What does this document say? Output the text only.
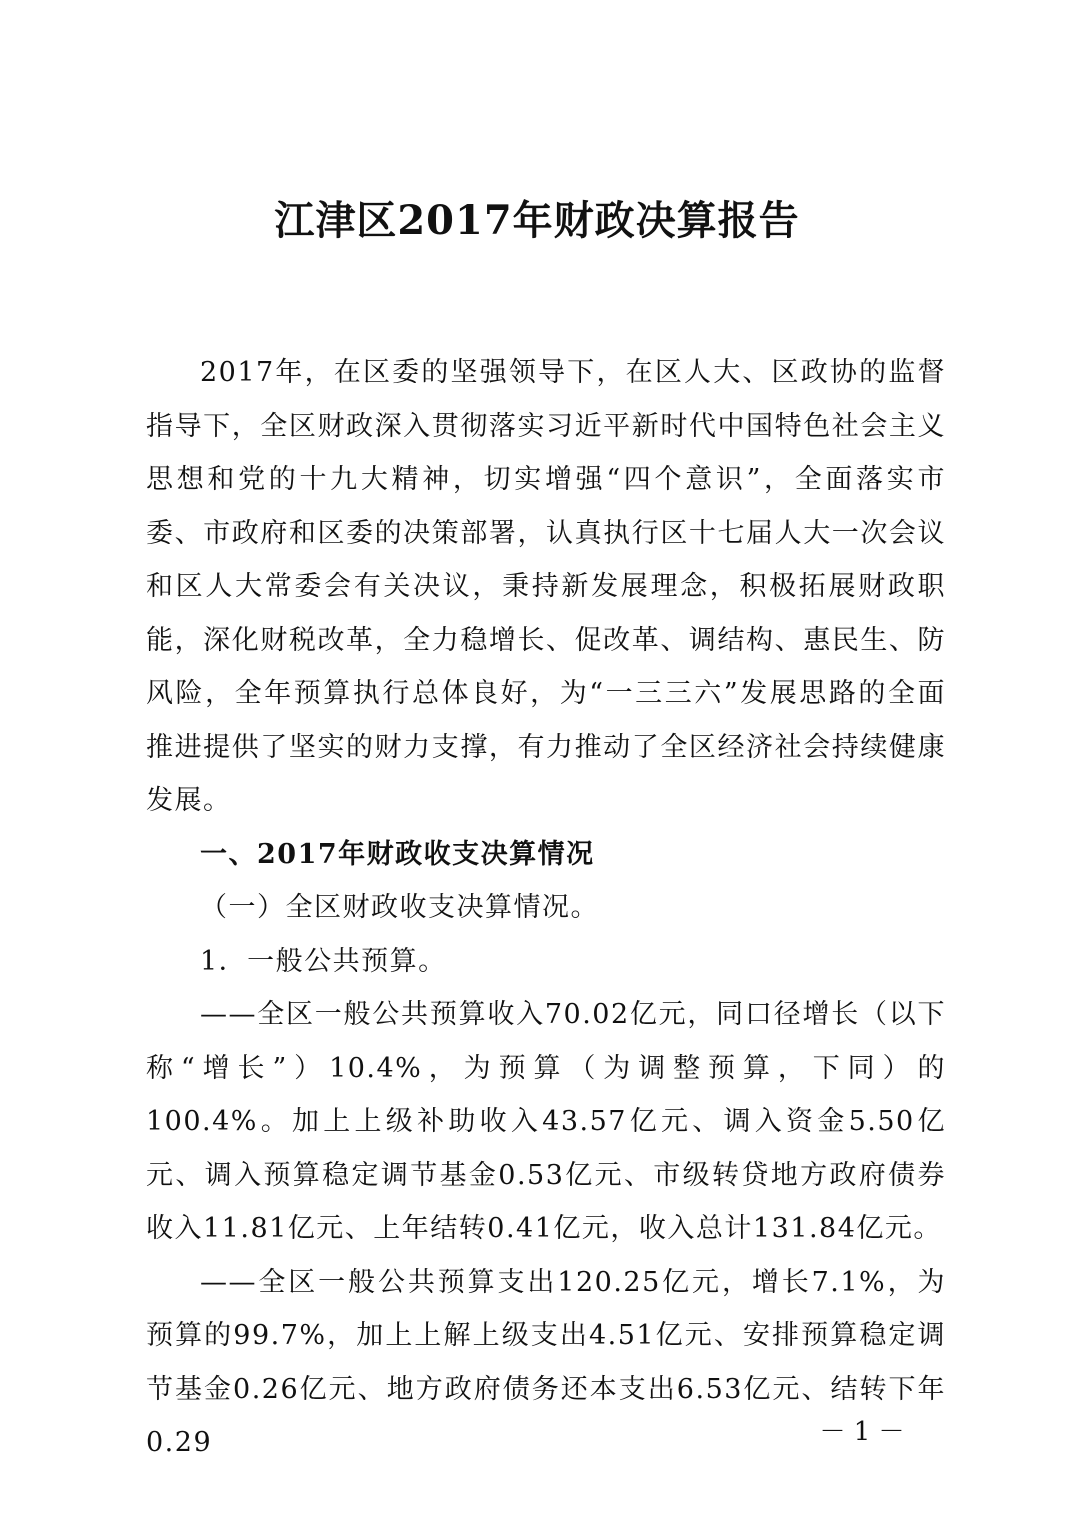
江津区2017年财政决算报告

2017年，在区委的坚强领导下，在区人大、区政协的监督指导下，全区财政深入贯彻落实习近平新时代中国特色社会主义思想和党的十九大精神，切实增强“四个意识”，全面落实市委、市政府和区委的决策部署，认真执行区十七届人大一次会议和区人大常委会有关决议，秉持新发展理念，积极拓展财政职能，深化财税改革，全力稳增长、促改革、调结构、惠民生、防风险，全年预算执行总体良好，为“一三三六”发展思路的全面推进提供了坚实的财力支撑，有力推动了全区经济社会持续健康发展。

一、2017年财政收支决算情况

（一）全区财政收支决算情况。

1．一般公共预算。

——全区一般公共预算收入70.02亿元，同口径增长（以下称“增长”）10.4%，为预算（为调整预算，下同）的100.4%。加上上级补助收入43.57亿元、调入资金5.50亿元、调入预算稳定调节基金0.53亿元、市级转贷地方政府债券收入11.81亿元、上年结转0.41亿元，收入总计131.84亿元。

——全区一般公共预算支出120.25亿元，增长7.1%，为预算的99.7%，加上上解上级支出4.51亿元、安排预算稳定调节基金0.26亿元、地方政府债务还本支出6.53亿元、结转下年0.29	－ 1 －
